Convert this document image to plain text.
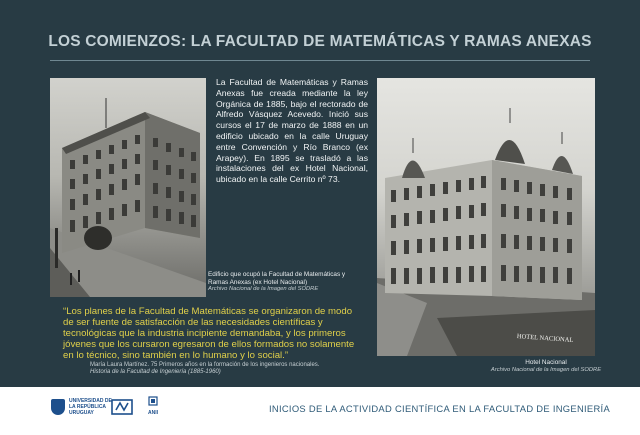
LOS COMIENZOS: LA FACULTAD DE MATEMÁTICAS Y RAMAS ANEXAS

La Facultad de Matemáticas y Ramas Anexas fue creada mediante la ley Orgánica de 1885, bajo el rectorado de Alfredo Vásquez Acevedo. Inició sus cursos el 17 de marzo de 1888 en un edificio ubicado en la calle Uruguay entre Convención y Río Branco (ex Arapey). En 1895 se trasladó a las instalaciones del ex Hotel Nacional, ubicado en la calle Cerrito nº 73.

HOTEL NACIONAL

Edificio que ocupó la Facultad de Matemáticas y Ramas Anexas (ex Hotel Nacional)
Archivo Nacional de la Imagen del SODRE

Hotel Nacional
Archivo Nacional de la Imagen del SODRE

“Los planes de la Facultad de Matemáticas se organizaron de modo de ser fuente de satisfacción de las necesidades científicas y tecnológicas que la industria incipiente demandaba, y los primeros jóvenes que los cursaron egresaron de ellos formados no solamente en lo técnico, sino también en lo humano y lo social.”

María Laura Martínez. 75 Primeros años en la formación de los ingenieros nacionales.
Historia de la Facultad de Ingeniería (1885-1960)

UNIVERSIDAD DE LA REPÚBLICA URUGUAY	ANII	INICIOS DE LA ACTIVIDAD CIENTÍFICA EN LA FACULTAD DE INGENIERÍA
